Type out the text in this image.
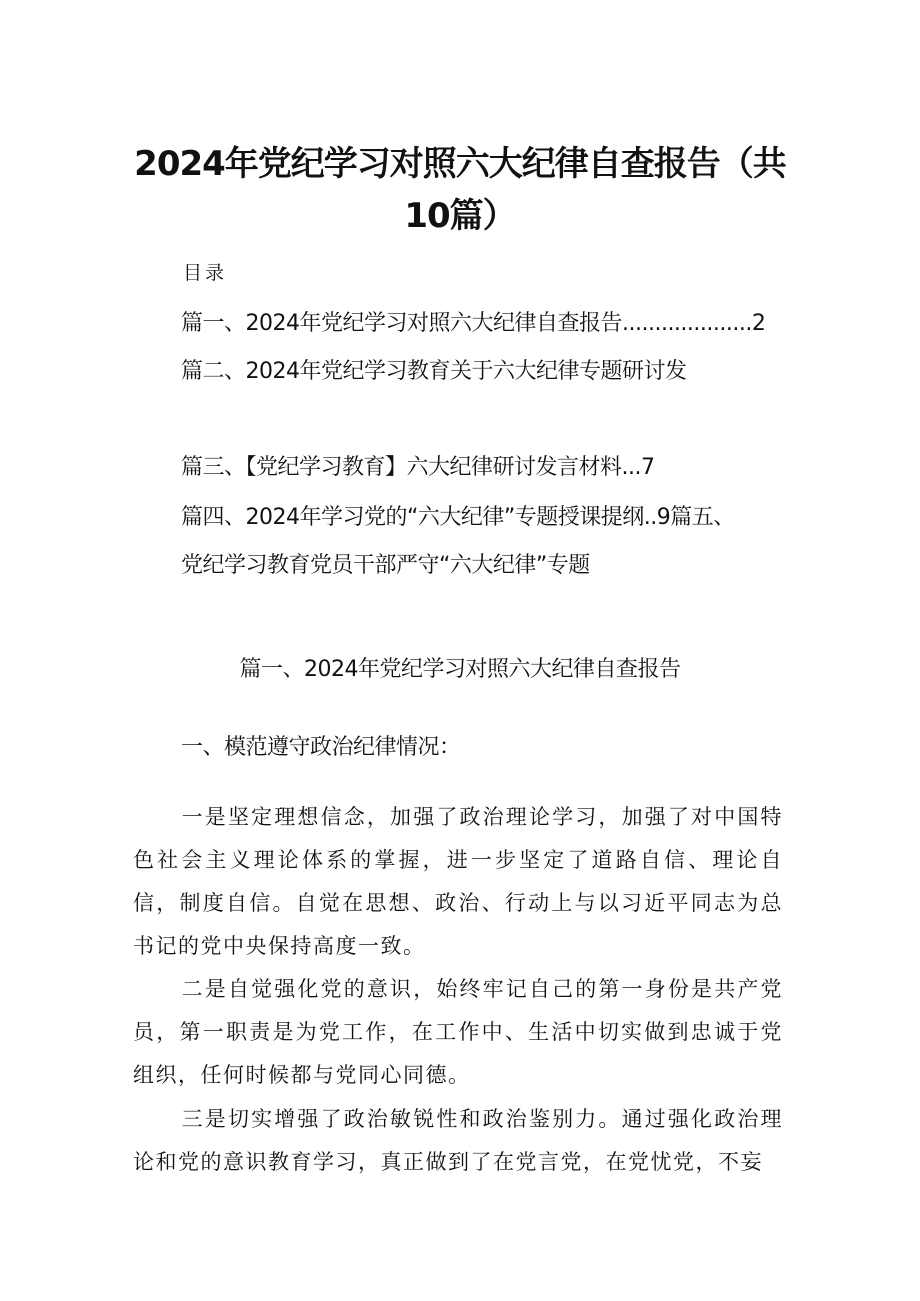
2024年党纪学习对照六大纪律自查报告（共
10篇）
目录
篇一、2024年党纪学习对照六大纪律自查报告....................2
篇二、2024年党纪学习教育关于六大纪律专题研讨发
篇三、【党纪学习教育】六大纪律研讨发言材料...7
篇四、2024年学习党的“六大纪律”专题授课提纲..9篇五、
党纪学习教育党员干部严守“六大纪律”专题
篇一、2024年党纪学习对照六大纪律自查报告
一、模范遵守政治纪律情况：
一是坚定理想信念，加强了政治理论学习，加强了对中国特色社会主义理论体系的掌握，进一步坚定了道路自信、理论自信，制度自信。自觉在思想、政治、行动上与以习近平同志为总书记的党中央保持高度一致。
二是自觉强化党的意识，始终牢记自己的第一身份是共产党员，第一职责是为党工作，在工作中、生活中切实做到忠诚于党组织，任何时候都与党同心同德。
三是切实增强了政治敏锐性和政治鉴别力。通过强化政治理论和党的意识教育学习，真正做到了在党言党，在党忧党，不妄
